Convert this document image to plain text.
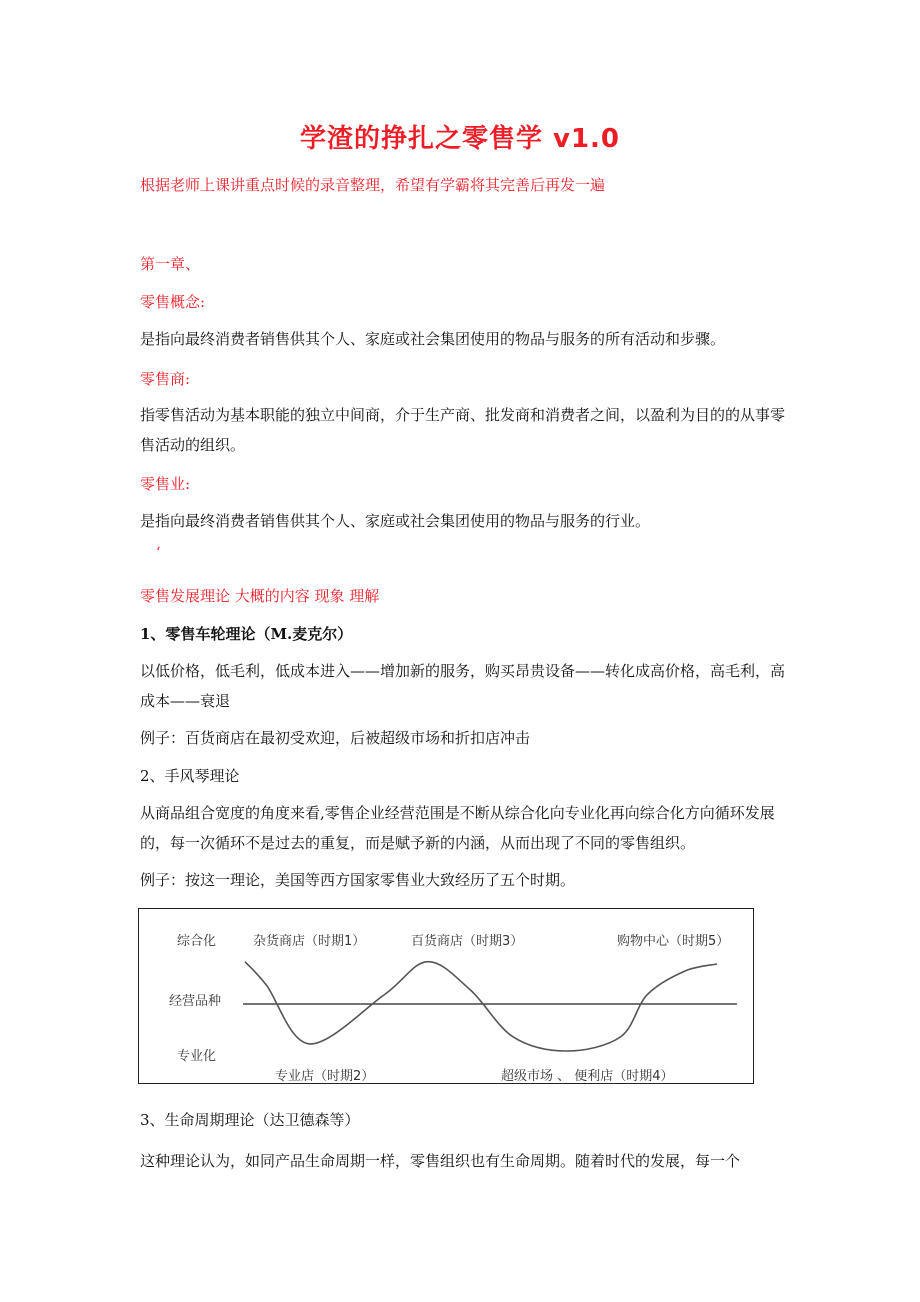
学渣的挣扎之零售学 v1.0
根据老师上课讲重点时候的录音整理，希望有学霸将其完善后再发一遍
第一章、
零售概念:
是指向最终消费者销售供其个人、家庭或社会集团使用的物品与服务的所有活动和步骤。
零售商:
指零售活动为基本职能的独立中间商，介于生产商、批发商和消费者之间，以盈利为目的的从事零售活动的组织。
零售业:
是指向最终消费者销售供其个人、家庭或社会集团使用的物品与服务的行业。
‘
零售发展理论 大概的内容 现象 理解
1、零售车轮理论（M.麦克尔）
以低价格，低毛利，低成本进入——增加新的服务，购买昂贵设备——转化成高价格，高毛利，高成本——衰退
例子：百货商店在最初受欢迎，后被超级市场和折扣店冲击
2、手风琴理论
从商品组合宽度的角度来看,零售企业经营范围是不断从综合化向专业化再向综合化方向循环发展的，每一次循环不是过去的重复，而是赋予新的内涵，从而出现了不同的零售组织。
例子：按这一理论，美国等西方国家零售业大致经历了五个时期。
综合化
经营品种
专业化
杂货商店（时期1）
专业店（时期2）
百货商店（时期3）
超级市场 、 便利店（时期4）
购物中心（时期5）
3、生命周期理论（达卫德森等）
这种理论认为，如同产品生命周期一样，零售组织也有生命周期。随着时代的发展，每一个
